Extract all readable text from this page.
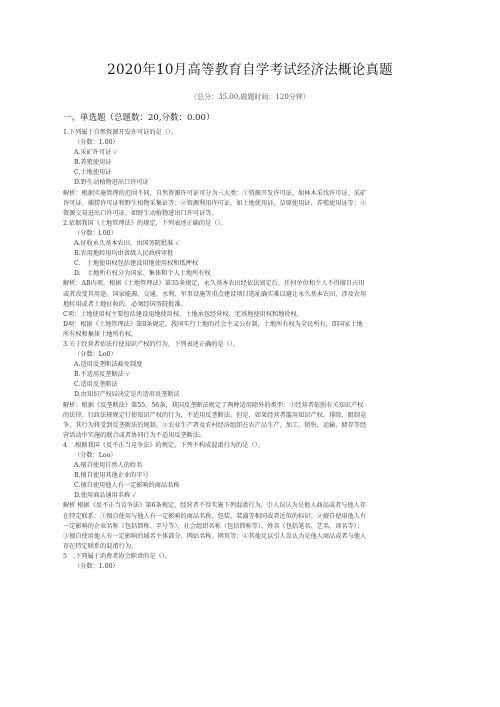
2020年10月高等教育自学考试经济法概论真题
（总分：35.00,做题时间：120分钟）
一、单选题（总题数：20,分数：0.00）
1.下列属于自然资源开发许可证的是（）。
（分数：1.00）
A.采矿许可证 √
B.养殖使用证
C.土地使用证
D.野生动植物进出口许可证
解析：根据实施管理的范围不同，自然资源许可证可分为三大类：①资源开发许可证，如林木采伐许可证、采矿
许可证、捕捞许可证和野生植物采集证等；②资源利用许可证，如土地使用证、草原使用证、养殖使用证等；③
资源交易进出口许可证，如野生动植物进出口许可证等。
2.依据我国《土地管理法》的规定，下列表述正确的是（）。
（分数：l.00）
A.征收永久基本农田，由国务院批准 √
B.农用地转用均由省级人民政府审批
C.　土地使用权包括建设用地使用权和抵押权
D.　土地所有权分为国家、集体和个人土地所有权
解析：AB内项，根据《土地管理法》第35条规定，永久基本农田经依法划定后，任何单位和个人不得擅自占用
或者改变其用途。国家能源、交通、水利、军事设施等重点建设项目选址确实难以避让永久基本农田，涉及农用
地转用或者土地征收的，必须经国务院批准。
C项：土地使用权主要包括建设用地使用权、土地承包经营权、宅基地使用权和地役权。
D项：根据《土地管理法》第9条规定，我国实行土地的社会主义公有制，土地所有权为全民所有，即国家土地
所有权和集体土地所有权。
3.关于经营者依法行使知识产权的行为，下列表述正确的是（）。
（分数：Lo0）
A.适用反垄断法豁免制度
B.不适用反垄断法 √
C.适用反垄断法
D.由知识产权局决定是否适用反垄断法
解析：根据《反垄断法》第55、56条，我国反垄断法规定了两种适用除外的类型：①经营者依照有关知识产权
的法律、行政法规规定行使知识产权的行为，不适用反垄断法。但是，如果经营者滥用知识产权，排除、限制竞
争，其行为将受到反垄断法的规制。②农业生产者及农村经济组织在农产品生产、加工、销售、运输、储存等经
营活动中实施的联合或者协同行为不适用反垄断法。
4　.根据我国《反不正当竞争法》的规定，下列不构成混淆行为的是（）。
（分数：Loo）
A.擅自使用自然人的姓名
B.擅自使用其他企业的字号
C.擅自使用他人有一定影响的商品名称
D.使用商品通用名称 √
解析 根据《反不正当竞争法》第6条规定，经营者不得实施下列混淆行为，引人误认为是他人商品或者与他人存
在特定联系：①擅自使用与他人有一定影响的商品名称、包装、装潢等相同或者近似的标识；②擅自使用他人有
一定影响的企业名称（包括简称、字号等）、社会组织名称（包括简称等）、姓名（包括笔名、艺名、译名等）；
③擅自使用他人有一定影响的域名主体部分、网站名称、网页等；④其他足以引人误认为是他人商品或者与他人
存在特定联系的混淆行为。
5　.下列属于消费者协会职责的是（）。
（分数：1.00）
